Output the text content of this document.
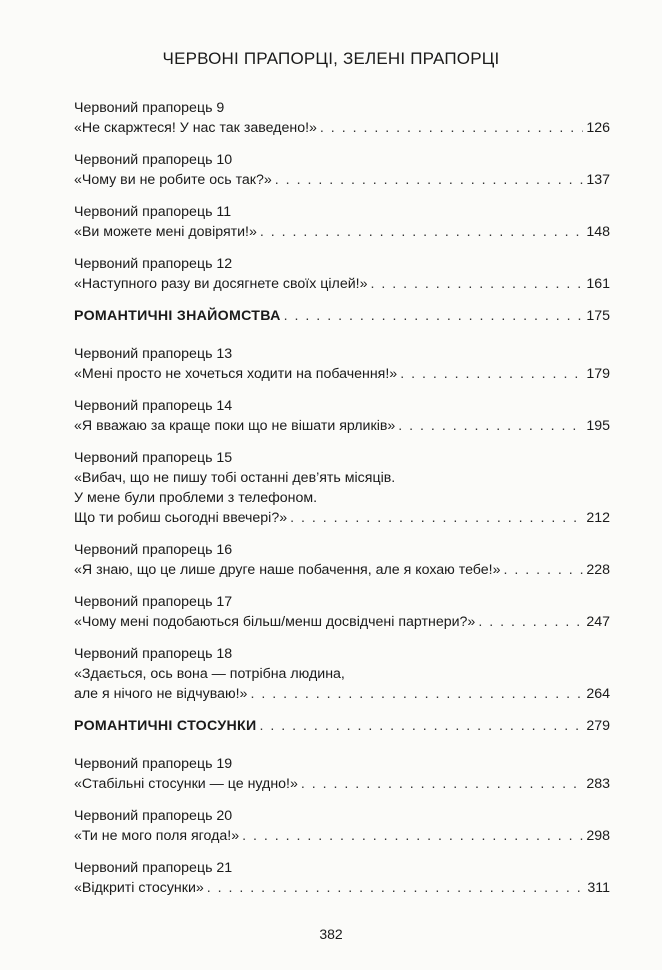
ЧЕРВОНІ ПРАПОРЦІ, ЗЕЛЕНІ ПРАПОРЦІ
Червоний прапорець 9
«Не скаржтеся! У нас так заведено!» . . .	126
Червоний прапорець 10
«Чому ви не робите ось так?» . . .	137
Червоний прапорець 11
«Ви можете мені довіряти!» . . .	148
Червоний прапорець 12
«Наступного разу ви досягнете своїх цілей!» . . .	161
РОМАНТИЧНІ ЗНАЙОМСТВА . . .	175
Червоний прапорець 13
«Мені просто не хочеться ходити на побачення!» . . .	179
Червоний прапорець 14
«Я вважаю за краще поки що не вішати ярликів» . . .	195
Червоний прапорець 15
«Вибач, що не пишу тобі останні дев’ять місяців.
У мене були проблеми з телефоном.
Що ти робиш сьогодні ввечері?» . . .	212
Червоний прапорець 16
«Я знаю, що це лише друге наше побачення, але я кохаю тебе!» . . .	228
Червоний прапорець 17
«Чому мені подобаються більш/менш досвідчені партнери?» . . .	247
Червоний прапорець 18
«Здається, ось вона — потрібна людина,
але я нічого не відчуваю!» . . .	264
РОМАНТИЧНІ СТОСУНКИ . . .	279
Червоний прапорець 19
«Стабільні стосунки — це нудно!» . . .	283
Червоний прапорець 20
«Ти не мого поля ягода!» . . .	298
Червоний прапорець 21
«Відкриті стосунки» . . .	311
382
